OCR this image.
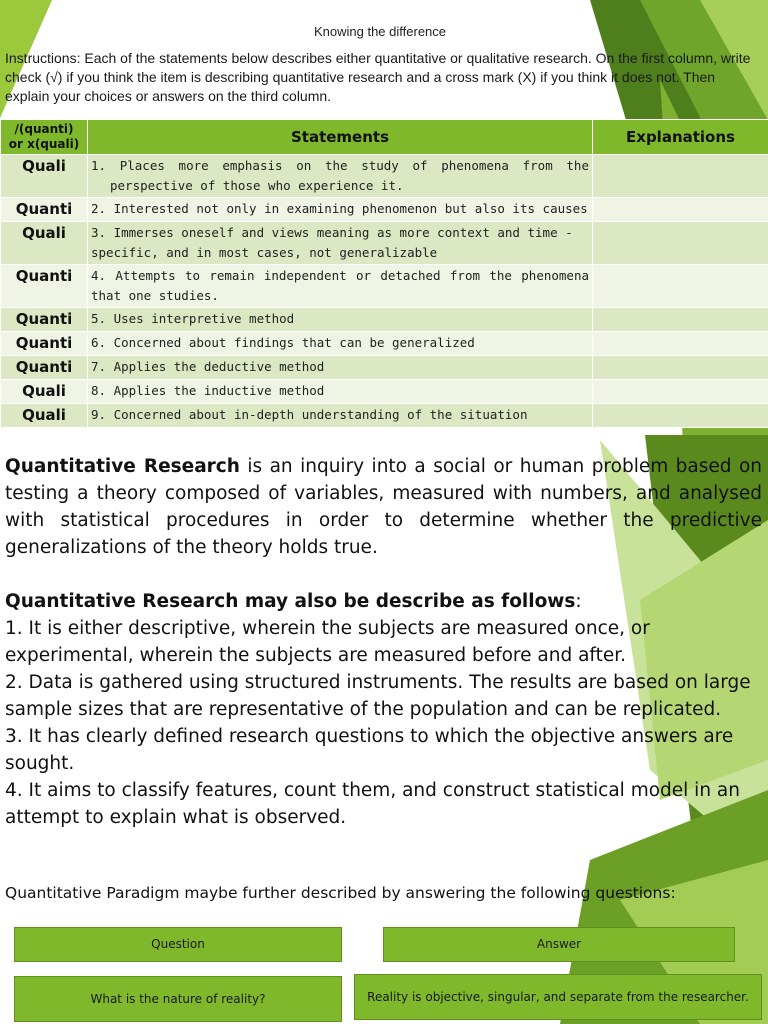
Knowing the difference
Instructions: Each of the statements below describes either quantitative or qualitative research. On the first column, write check (√) if you think the item is describing quantitative research and a cross mark (X) if you think it does not. Then explain your choices or answers on the third column.
/(quanti)
or x(quali)	Statements	Explanations
Quali	1. Places more emphasis on the study of phenomena from the perspective of those who experience it.	

Quanti	2. Interested not only in examining phenomenon but also its causes	
Quali	3. Immerses oneself and views meaning as more context and time - specific, and in most cases, not generalizable	
Quanti	4. Attempts to remain independent or detached from the phenomena that one studies.	
Quanti	5. Uses interpretive method	
Quanti	6. Concerned about findings that can be generalized	
Quanti	7. Applies the deductive method	
Quali	8. Applies the inductive method	
Quali	9. Concerned about in-depth understanding of the situation	
Quantitative Research is an inquiry into a social or human problem based on testing a theory composed of variables, measured with numbers, and analysed with statistical procedures in order to determine whether the predictive generalizations of the theory holds true.
Quantitative Research may also be describe as follows:
1. It is either descriptive, wherein the subjects are measured once, or experimental, wherein the subjects are measured before and after.
2. Data is gathered using structured instruments. The results are based on large sample sizes that are representative of the population and can be replicated.
3. It has clearly defined research questions to which the objective answers are sought.
4. It aims to classify features, count them, and construct statistical model in an attempt to explain what is observed.
Quantitative Paradigm maybe further described by answering the following questions:
Question	Answer
What is the nature of reality?	Reality is objective, singular, and separate from the researcher.
